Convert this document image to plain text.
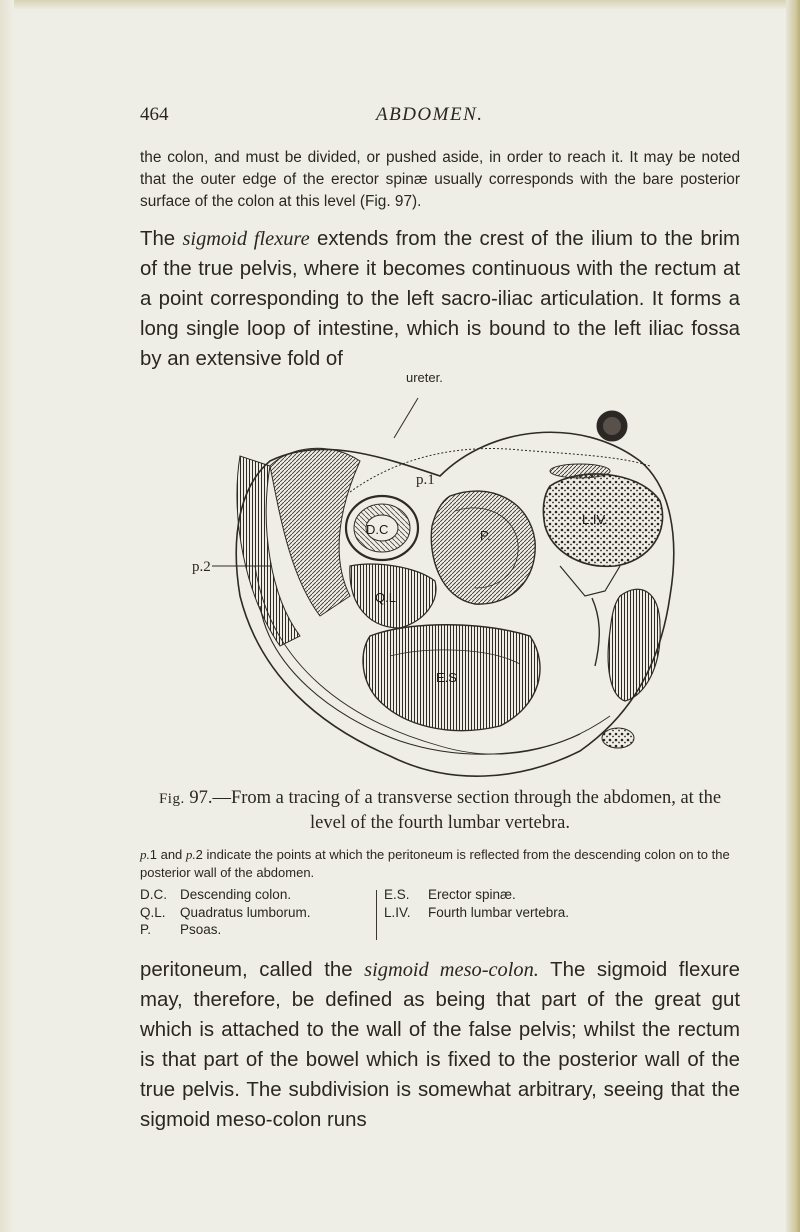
464	ABDOMEN.

the colon, and must be divided, or pushed aside, in order to reach it. It may be noted that the outer edge of the erector spinæ usually corresponds with the bare posterior surface of the colon at this level (Fig. 97).

The sigmoid flexure extends from the crest of the ilium to the brim of the true pelvis, where it becomes continuous with the rectum at a point corresponding to the left sacro-iliac articulation. It forms a long single loop of intestine, which is bound to the left iliac fossa by an extensive fold of

ureter.
p.2
p.1
D.C
Q.L
P.
E.S
L.IV.

Fig. 97.—From a tracing of a transverse section through the abdomen, at the level of the fourth lumbar vertebra.

p.1 and p.2 indicate the points at which the peritoneum is reflected from the descending colon on to the posterior wall of the abdomen.

D.C. Descending colon.
Q.L. Quadratus lumborum.
P. Psoas.
E.S. Erector spinæ.
L.IV. Fourth lumbar vertebra.

peritoneum, called the sigmoid meso-colon. The sigmoid flexure may, therefore, be defined as being that part of the great gut which is attached to the wall of the false pelvis; whilst the rectum is that part of the bowel which is fixed to the posterior wall of the true pelvis. The subdivision is somewhat arbitrary, seeing that the sigmoid meso-colon runs
